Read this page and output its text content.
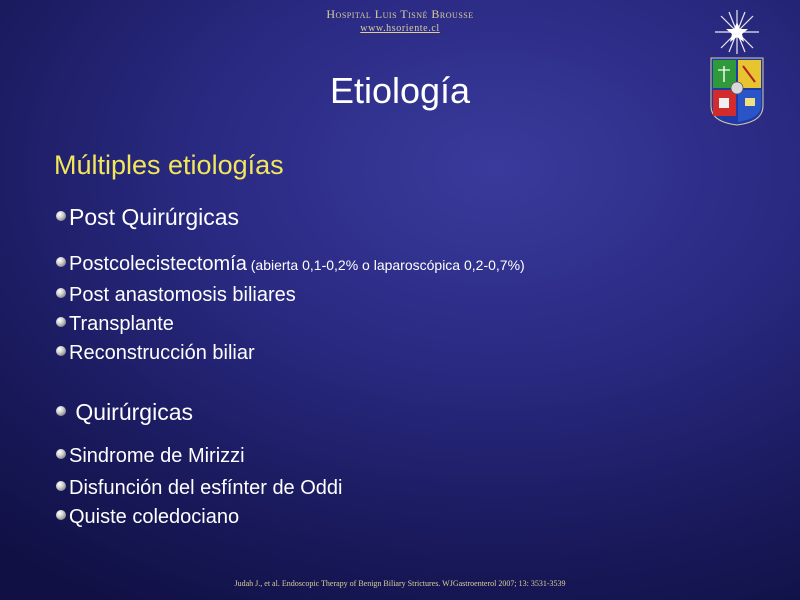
Hospital Luis Tisné Brousse
www.hsoriente.cl
Etiología
Múltiples etiologías
Post Quirúrgicas
Postcolecistectomía (abierta 0,1-0,2% o laparoscópica 0,2-0,7%)
Post anastomosis biliares
Transplante
Reconstrucción biliar
Quirúrgicas
Sindrome de Mirizzi
Disfunción del esfínter de Oddi
Quiste coledociano
Judah J., et al. Endoscopic Therapy of Benign Biliary Strictures. WJGastroenterol 2007; 13: 3531-3539
